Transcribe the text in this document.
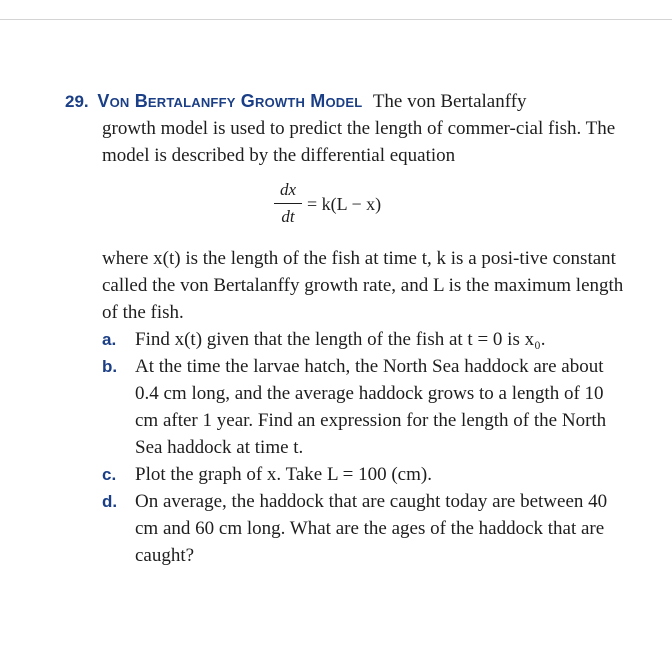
29. Von Bertalanffy Growth Model The von Bertalanffy
growth model is used to predict the length of commer-cial fish. The model is described by the differential equation
dx
dt
= k(L − x)
where x(t) is the length of the fish at time t, k is a posi-tive constant called the von Bertalanffy growth rate, and L is the maximum length of the fish.
a. Find x(t) given that the length of the fish at t = 0 is x₀.
b. At the time the larvae hatch, the North Sea haddock are about 0.4 cm long, and the average haddock grows to a length of 10 cm after 1 year. Find an expression for the length of the North Sea haddock at time t.
c. Plot the graph of x. Take L = 100 (cm).
d. On average, the haddock that are caught today are between 40 cm and 60 cm long. What are the ages of the haddock that are caught?
